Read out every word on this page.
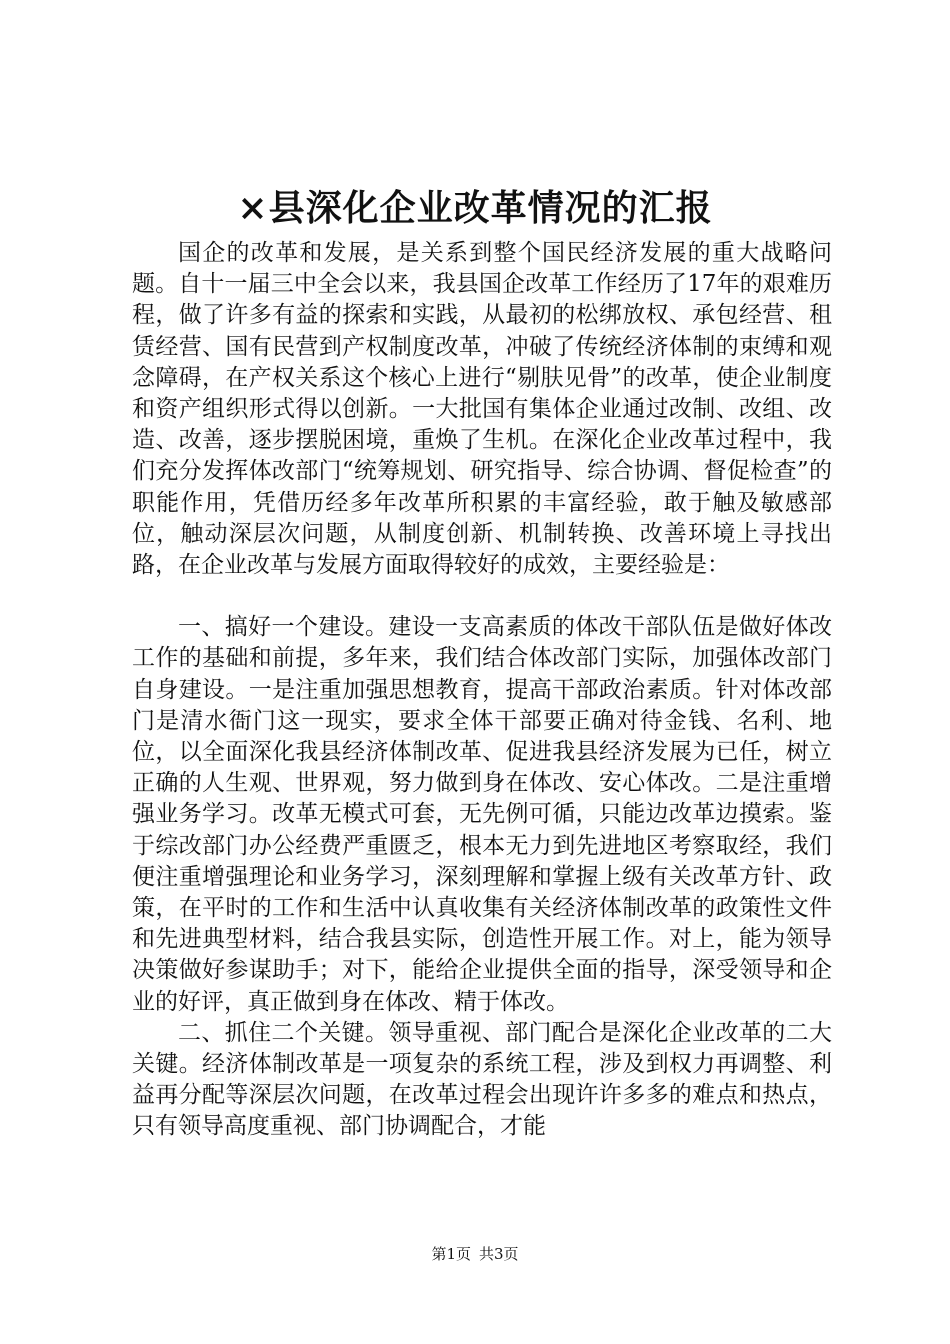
×县深化企业改革情况的汇报

国企的改革和发展，是关系到整个国民经济发展的重大战略问题。自十一届三中全会以来，我县国企改革工作经历了17年的艰难历程，做了许多有益的探索和实践，从最初的松绑放权、承包经营、租赁经营、国有民营到产权制度改革，冲破了传统经济体制的束缚和观念障碍，在产权关系这个核心上进行“剔肤见骨”的改革，使企业制度和资产组织形式得以创新。一大批国有集体企业通过改制、改组、改造、改善，逐步摆脱困境，重焕了生机。在深化企业改革过程中，我们充分发挥体改部门“统筹规划、研究指导、综合协调、督促检查”的职能作用，凭借历经多年改革所积累的丰富经验，敢于触及敏感部位，触动深层次问题，从制度创新、机制转换、改善环境上寻找出路，在企业改革与发展方面取得较好的成效，主要经验是：

一、搞好一个建设。建设一支高素质的体改干部队伍是做好体改工作的基础和前提，多年来，我们结合体改部门实际，加强体改部门自身建设。一是注重加强思想教育，提高干部政治素质。针对体改部门是清水衙门这一现实，要求全体干部要正确对待金钱、名利、地位，以全面深化我县经济体制改革、促进我县经济发展为已任，树立正确的人生观、世界观，努力做到身在体改、安心体改。二是注重增强业务学习。改革无模式可套，无先例可循，只能边改革边摸索。鉴于综改部门办公经费严重匮乏，根本无力到先进地区考察取经，我们便注重增强理论和业务学习，深刻理解和掌握上级有关改革方针、政策，在平时的工作和生活中认真收集有关经济体制改革的政策性文件和先进典型材料，结合我县实际，创造性开展工作。对上，能为领导决策做好参谋助手；对下，能给企业提供全面的指导，深受领导和企业的好评，真正做到身在体改、精于体改。

二、抓住二个关键。领导重视、部门配合是深化企业改革的二大关键。经济体制改革是一项复杂的系统工程，涉及到权力再调整、利益再分配等深层次问题，在改革过程会出现许许多多的难点和热点，只有领导高度重视、部门协调配合，才能

第1页 共3页
